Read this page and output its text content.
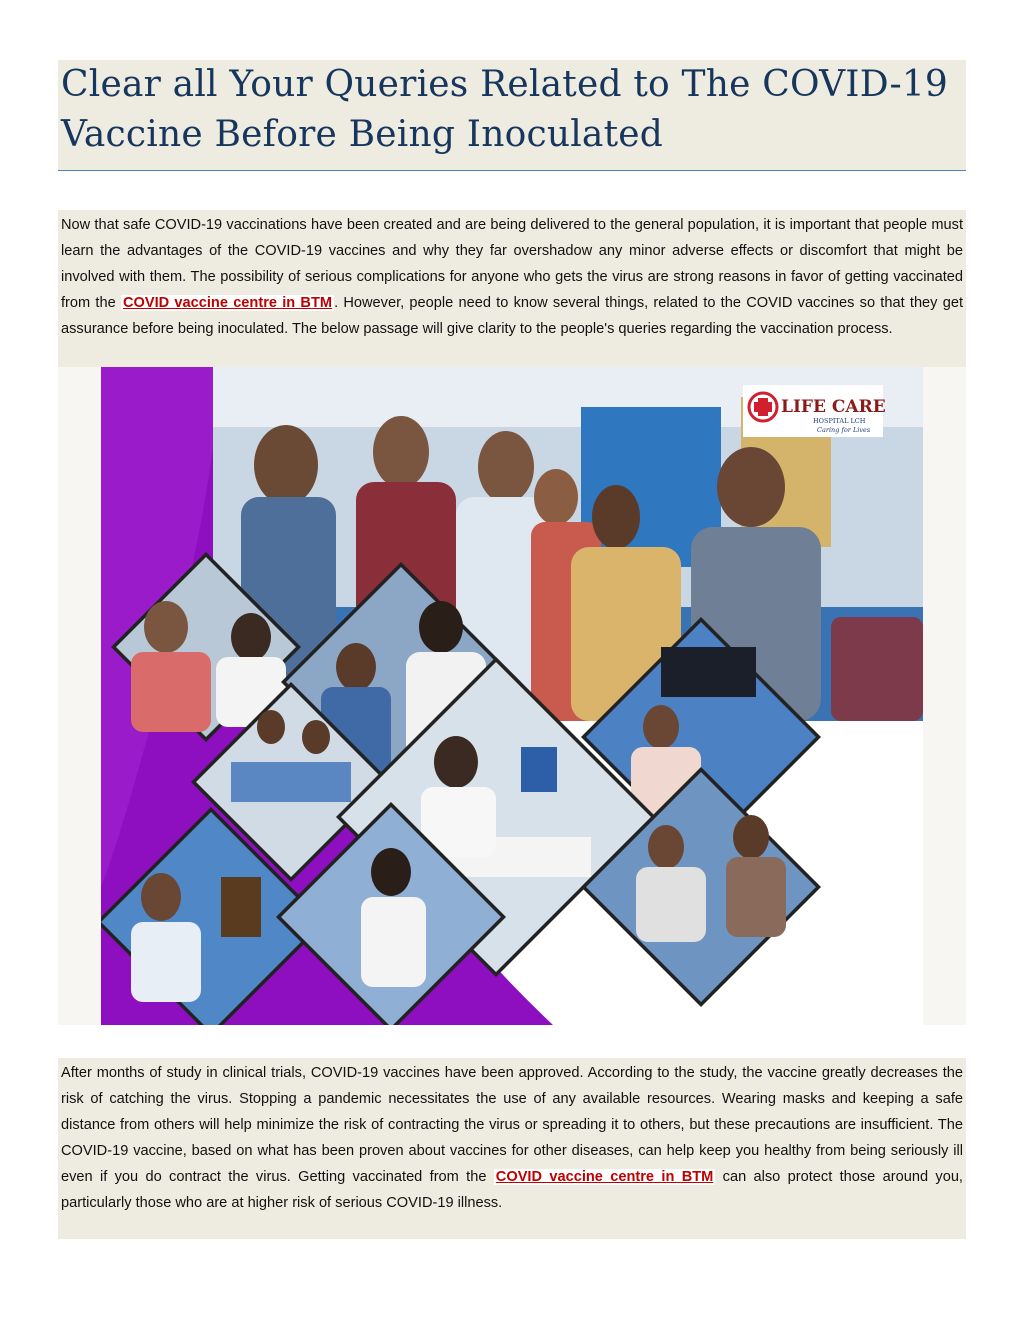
Clear all Your Queries Related to The COVID-19
Vaccine Before Being Inoculated

Now that safe COVID-19 vaccinations have been created and are being delivered to the general population, it is important that people must learn the advantages of the COVID-19 vaccines and why they far overshadow any minor adverse effects or discomfort that might be involved with them. The possibility of serious complications for anyone who gets the virus are strong reasons in favor of getting vaccinated from the COVID vaccine centre in BTM . However, people need to know several things, related to the COVID vaccines so that they get assurance before being inoculated. The below passage will give clarity to the people's queries regarding the vaccination process.

LIFE CARE
HOSPITAL LCH
Caring for Lives

After months of study in clinical trials, COVID-19 vaccines have been approved. According to the study, the vaccine greatly decreases the risk of catching the virus. Stopping a pandemic necessitates the use of any available resources. Wearing masks and keeping a safe distance from others will help minimize the risk of contracting the virus or spreading it to others, but these precautions are insufficient. The COVID-19 vaccine, based on what has been proven about vaccines for other diseases, can help keep you healthy from being seriously ill even if you do contract the virus. Getting vaccinated from the COVID vaccine centre in BTM can also protect those around you, particularly those who are at higher risk of serious COVID-19 illness.
